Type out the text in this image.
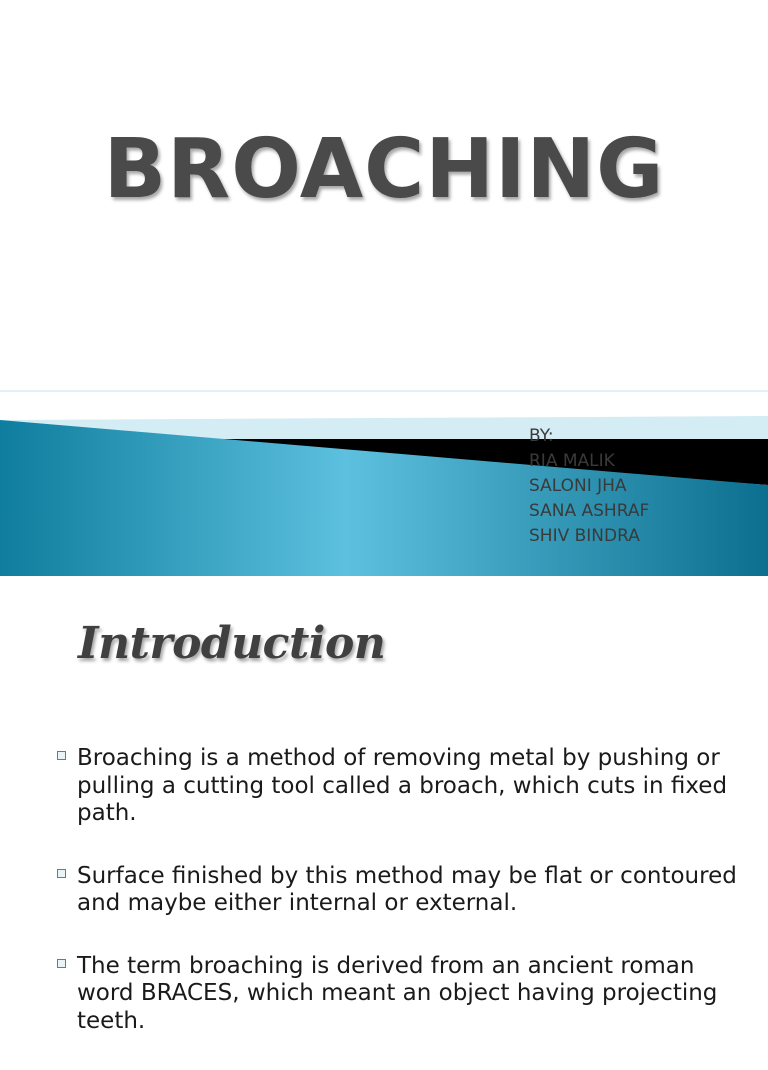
BROACHING
BY:
RIA MALIK
SALONI JHA
SANA ASHRAF
SHIV BINDRA
Introduction
Broaching is a method of removing metal by pushing or pulling a cutting tool called a broach, which cuts in fixed path.
Surface finished by this method may be flat or contoured and maybe either internal or external.
The term broaching is derived from an ancient roman word BRACES, which meant an object having projecting teeth.
